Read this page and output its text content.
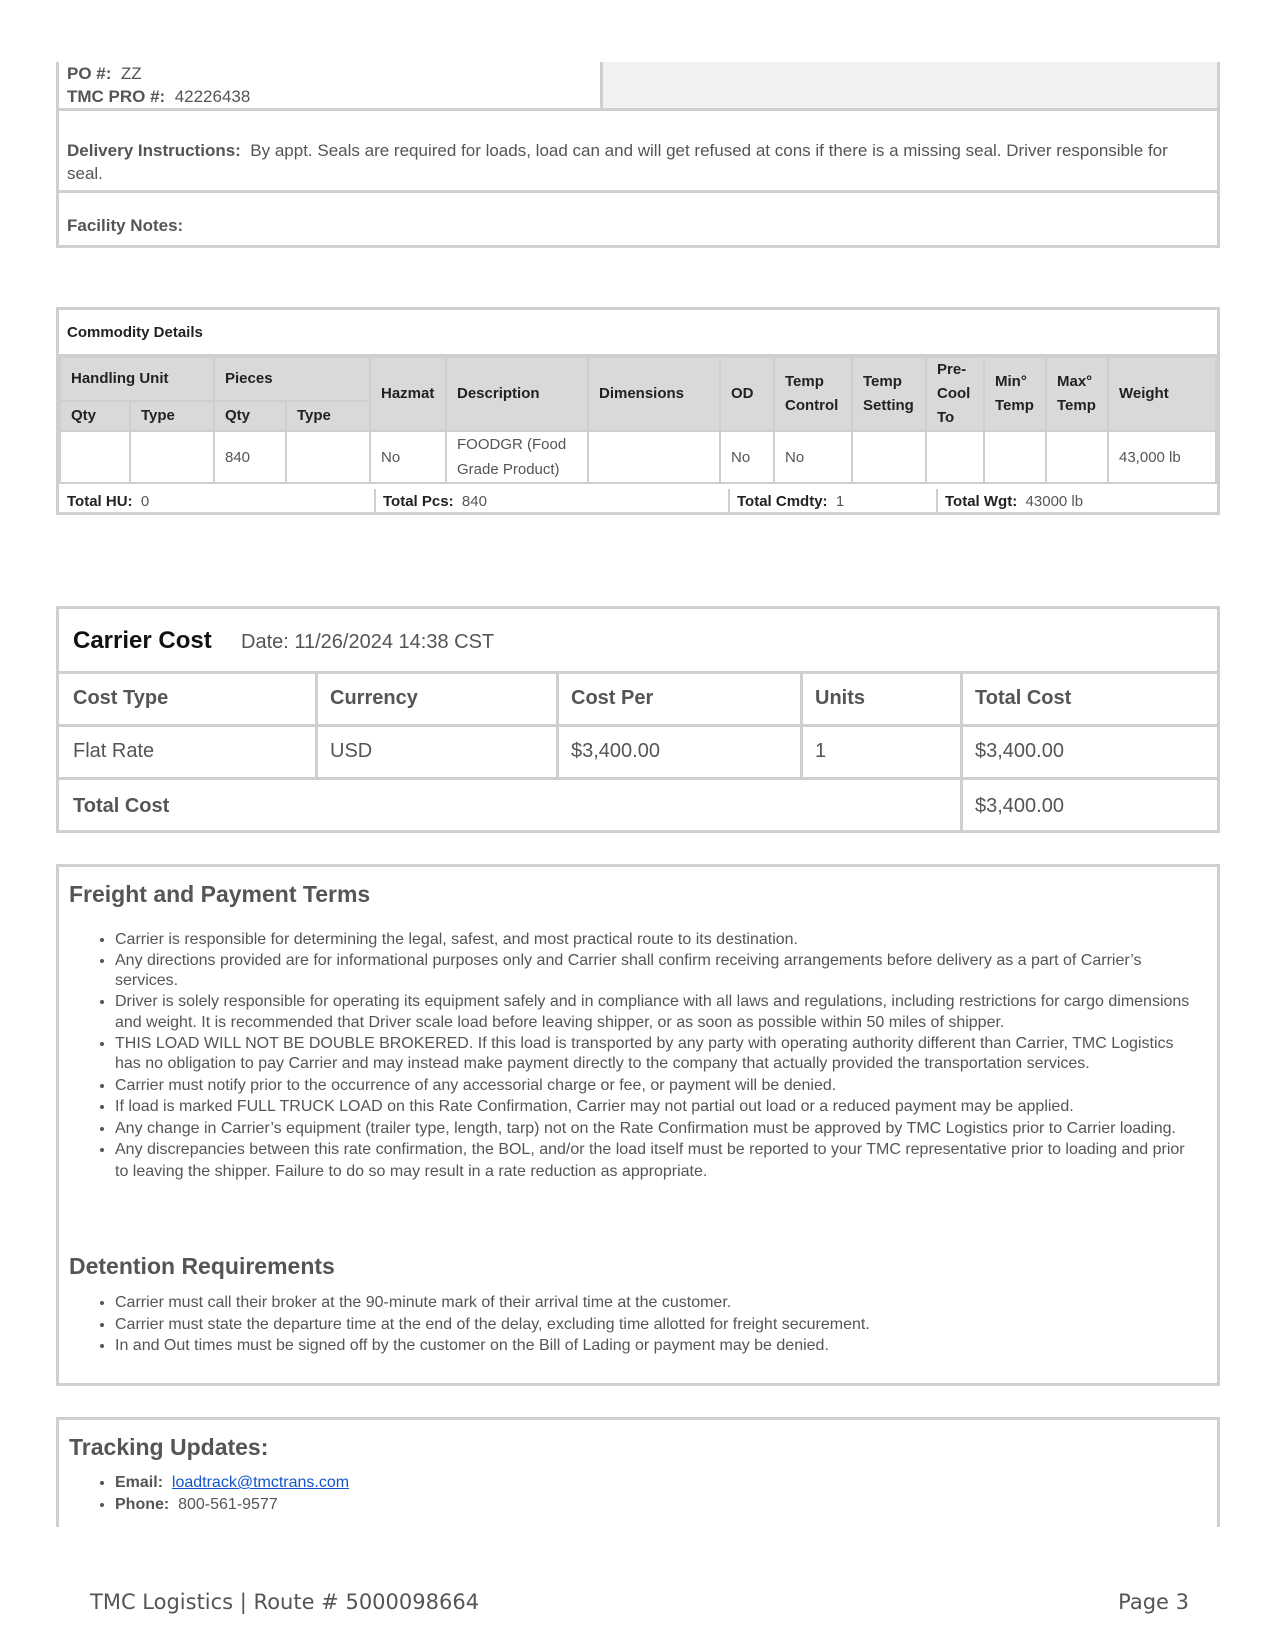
PO #: ZZ
TMC PRO #: 42226438
Delivery Instructions: By appt. Seals are required for loads, load can and will get refused at cons if there is a missing seal. Driver responsible for seal.
Facility Notes:
Commodity Details
Handling Unit		Pieces		Hazmat	Description	Dimensions	OD	Temp Control	Temp Setting	Pre-Cool To	Min° Temp	Max° Temp	Weight
Qty	Type	Qty	Type										
		840		No	FOODGR (Food Grade Product)		No	No					43,000 lb
Total HU: 0	Total Pcs: 840	Total Cmdty: 1	Total Wgt: 43000 lb
Carrier Cost Date: 11/26/2024 14:38 CST
Cost Type	Currency	Cost Per	Units	Total Cost
Flat Rate	USD	$3,400.00	1	$3,400.00
Total Cost	$3,400.00
Freight and Payment Terms
• Carrier is responsible for determining the legal, safest, and most practical route to its destination.
• Any directions provided are for informational purposes only and Carrier shall confirm receiving arrangements before delivery as a part of Carrier’s services.
• Driver is solely responsible for operating its equipment safely and in compliance with all laws and regulations, including restrictions for cargo dimensions and weight. It is recommended that Driver scale load before leaving shipper, or as soon as possible within 50 miles of shipper.
• THIS LOAD WILL NOT BE DOUBLE BROKERED. If this load is transported by any party with operating authority different than Carrier, TMC Logistics has no obligation to pay Carrier and may instead make payment directly to the company that actually provided the transportation services.
• Carrier must notify prior to the occurrence of any accessorial charge or fee, or payment will be denied.
• If load is marked FULL TRUCK LOAD on this Rate Confirmation, Carrier may not partial out load or a reduced payment may be applied.
• Any change in Carrier’s equipment (trailer type, length, tarp) not on the Rate Confirmation must be approved by TMC Logistics prior to Carrier loading.
• Any discrepancies between this rate confirmation, the BOL, and/or the load itself must be reported to your TMC representative prior to loading and prior to leaving the shipper. Failure to do so may result in a rate reduction as appropriate.
Detention Requirements
• Carrier must call their broker at the 90-minute mark of their arrival time at the customer.
• Carrier must state the departure time at the end of the delay, excluding time allotted for freight securement.
• In and Out times must be signed off by the customer on the Bill of Lading or payment may be denied.
Tracking Updates:
• Email: loadtrack@tmctrans.com
• Phone: 800-561-9577
TMC Logistics | Route # 5000098664	Page 3
